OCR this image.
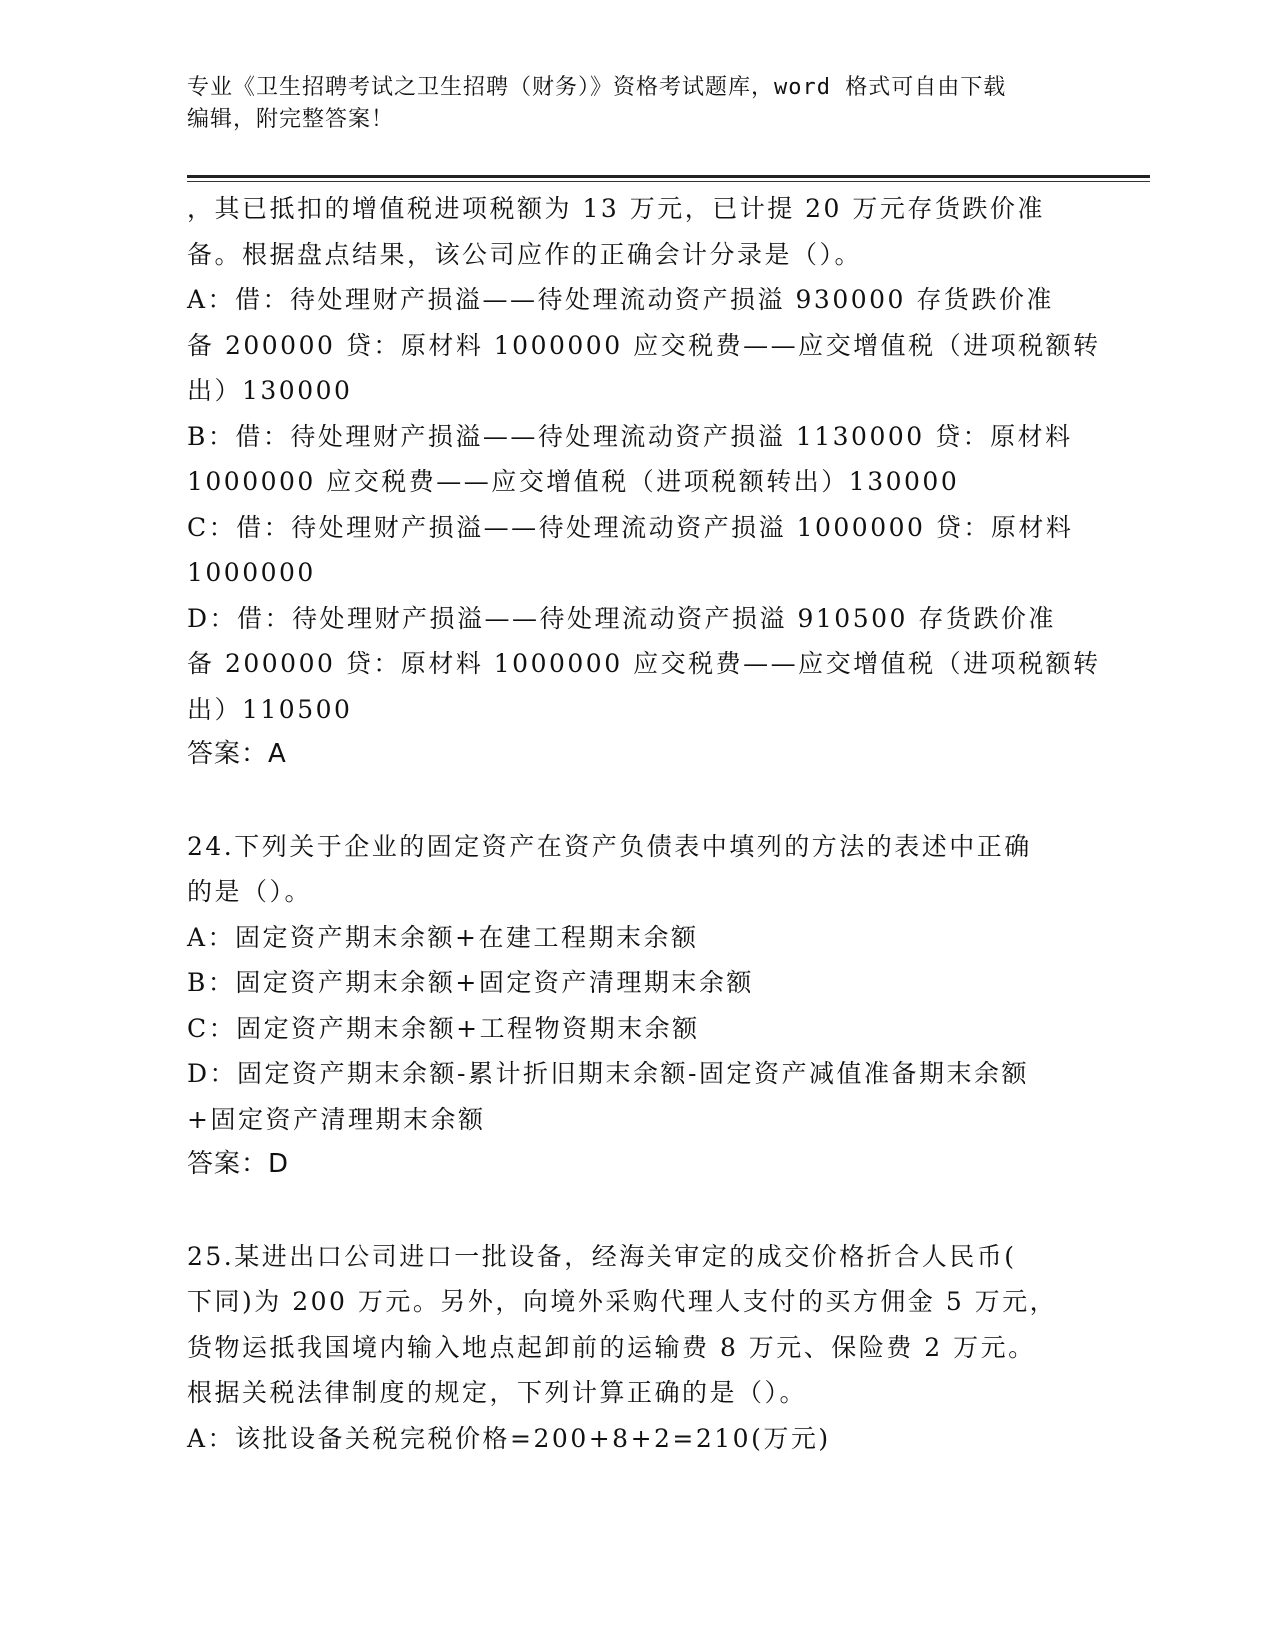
专业《卫生招聘考试之卫生招聘（财务）》资格考试题库，word 格式可自由下载
编辑，附完整答案！
，其已抵扣的增值税进项税额为 13 万元，已计提 20 万元存货跌价准
备。根据盘点结果，该公司应作的正确会计分录是（）。
A：借：待处理财产损溢——待处理流动资产损溢 930000 存货跌价准
备 200000 贷：原材料 1000000 应交税费——应交增值税（进项税额转
出）130000
B：借：待处理财产损溢——待处理流动资产损溢 1130000 贷：原材料
1000000 应交税费——应交增值税（进项税额转出）130000
C：借：待处理财产损溢——待处理流动资产损溢 1000000 贷：原材料
1000000
D：借：待处理财产损溢——待处理流动资产损溢 910500 存货跌价准
备 200000 贷：原材料 1000000 应交税费——应交增值税（进项税额转
出）110500
答案：A
24.下列关于企业的固定资产在资产负债表中填列的方法的表述中正确
的是（）。
A：固定资产期末余额+在建工程期末余额
B：固定资产期末余额+固定资产清理期末余额
C：固定资产期末余额+工程物资期末余额
D：固定资产期末余额-累计折旧期末余额-固定资产减值准备期末余额
+固定资产清理期末余额
答案：D
25.某进出口公司进口一批设备，经海关审定的成交价格折合人民币(
下同)为 200 万元。另外，向境外采购代理人支付的买方佣金 5 万元，
货物运抵我国境内输入地点起卸前的运输费 8 万元、保险费 2 万元。
根据关税法律制度的规定，下列计算正确的是（）。
A：该批设备关税完税价格=200+8+2=210(万元)
